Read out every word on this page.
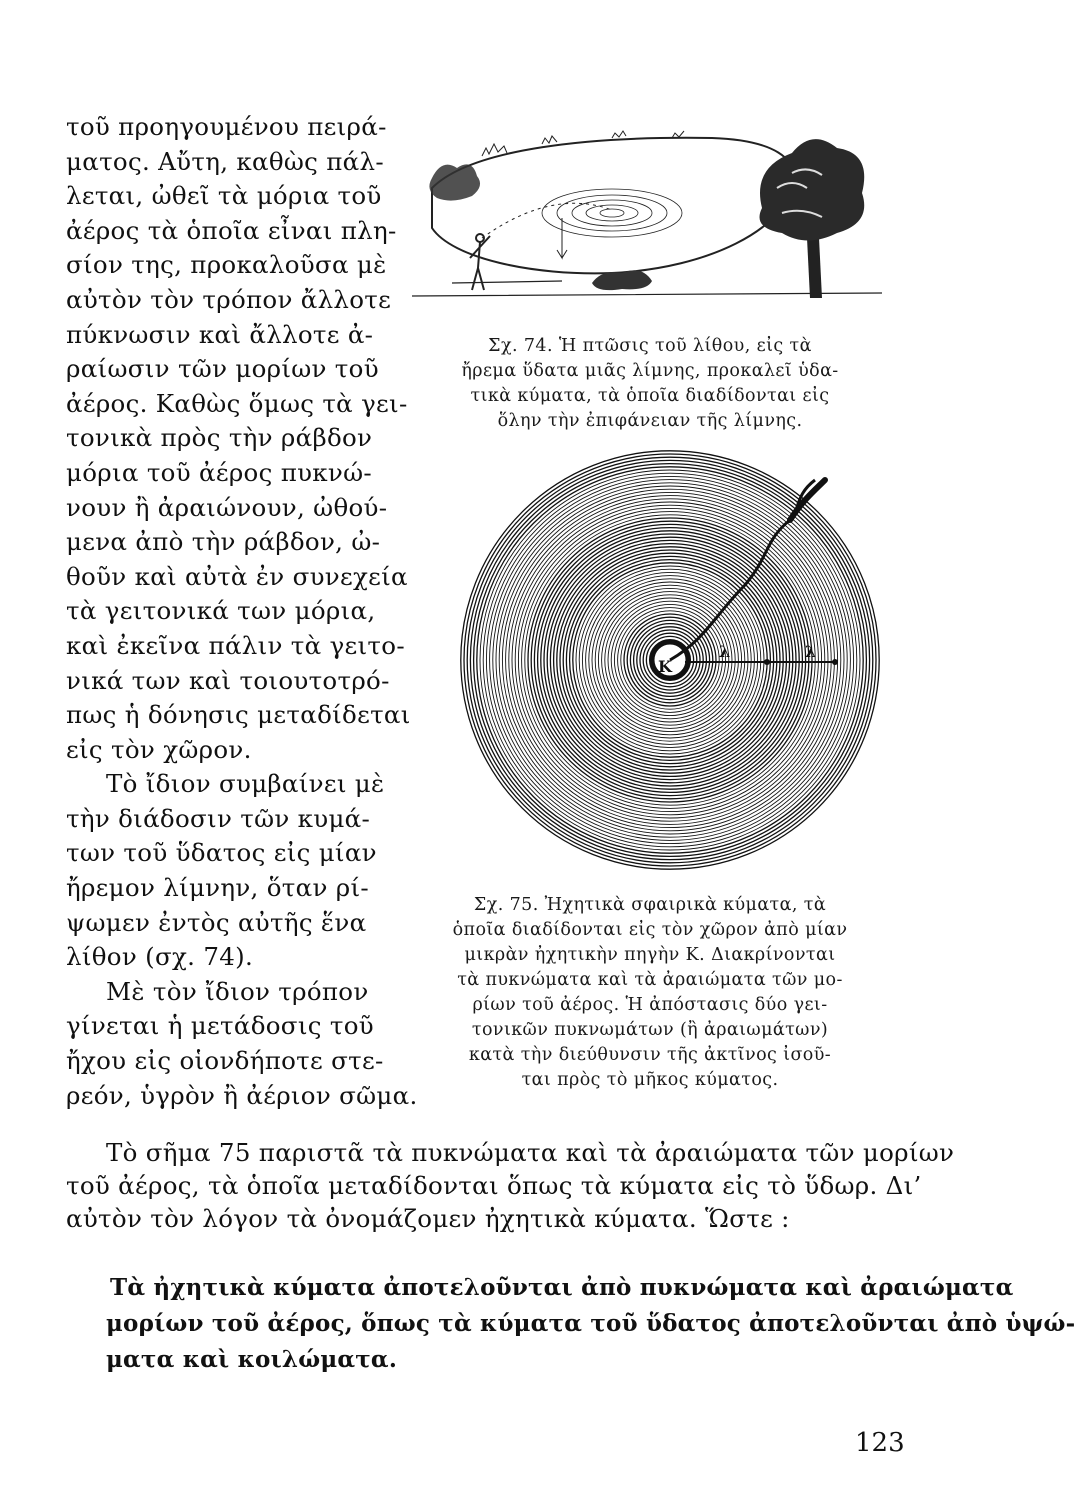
τοῦ προηγουμένου πειρά-
ματος. Αὔτη, καθὼς πάλ-
λεται, ὠθεῖ τὰ μόρια τοῦ
ἀέρος τὰ ὁποῖα εἶναι πλη-
σίον της, προκαλοῦσα μὲ
αὐτὸν τὸν τρόπον ἄλλοτε
πύκνωσιν καὶ ἄλλοτε ἀ-
ραίωσιν τῶν μορίων τοῦ
ἀέρος. Καθὼς ὅμως τὰ γει-
τονικὰ πρὸς τὴν ράβδον
μόρια τοῦ ἀέρος πυκνώ-
νουν ἢ ἀραιώνουν, ὠθού-
μενα ἀπὸ τὴν ράβδον, ὠ-
θοῦν καὶ αὐτὰ ἐν συνεχεία
τὰ γειτονικά των μόρια,
καὶ ἐκεῖνα πάλιν τὰ γειτο-
νικά των καὶ τοιουτοτρό-
πως ἡ δόνησις μεταδίδεται
εἰς τὸν χῶρον.
Τὸ ἴδιον συμβαίνει μὲ
τὴν διάδοσιν τῶν κυμά-
των τοῦ ὕδατος εἰς μίαν
ἤρεμον λίμνην, ὅταν ρί-
ψωμεν ἐντὸς αὐτῆς ἕνα
λίθον (σχ. 74).
Μὲ τὸν ἴδιον τρόπον
γίνεται ἡ μετάδοσις τοῦ
ἤχου εἰς οἱονδήποτε στε-
ρεόν, ὑγρὸν ἢ ἀέριον σῶμα.
Σχ. 74. Ἡ πτῶσις τοῦ λίθου, εἰς τὰ
ἤρεμα ὕδατα μιᾶς λίμνης, προκαλεῖ ὑδα-
τικὰ κύματα, τὰ ὁποῖα διαδίδονται εἰς
ὅλην τὴν ἐπιφάνειαν τῆς λίμνης.
Κ
λ	λ
Σχ. 75. Ἠχητικὰ σφαιρικὰ κύματα, τὰ
ὁποῖα διαδίδονται εἰς τὸν χῶρον ἀπὸ μίαν
μικρὰν ἠχητικὴν πηγὴν Κ. Διακρίνονται
τὰ πυκνώματα καὶ τὰ ἀραιώματα τῶν μο-
ρίων τοῦ ἀέρος. Ἡ ἀπόστασις δύο γει-
τονικῶν πυκνωμάτων (ἢ ἀραιωμάτων)
κατὰ τὴν διεύθυνσιν τῆς ἀκτῖνος ἰσοῦ-
ται πρὸς τὸ μῆκος κύματος.
Τὸ σῆμα 75 παριστᾶ τὰ πυκνώματα καὶ τὰ ἀραιώματα τῶν μορίων
τοῦ ἀέρος, τὰ ὁποῖα μεταδίδονται ὅπως τὰ κύματα εἰς τὸ ὕδωρ. Δι’
αὐτὸν τὸν λόγον τὰ ὀνομάζομεν ἠχητικὰ κύματα. Ὥστε :
Τὰ ἠχητικὰ κύματα ἀποτελοῦνται ἀπὸ πυκνώματα καὶ ἀραιώματα
μορίων τοῦ ἀέρος, ὅπως τὰ κύματα τοῦ ὕδατος ἀποτελοῦνται ἀπὸ ὑψώ-
ματα καὶ κοιλώματα.
123
